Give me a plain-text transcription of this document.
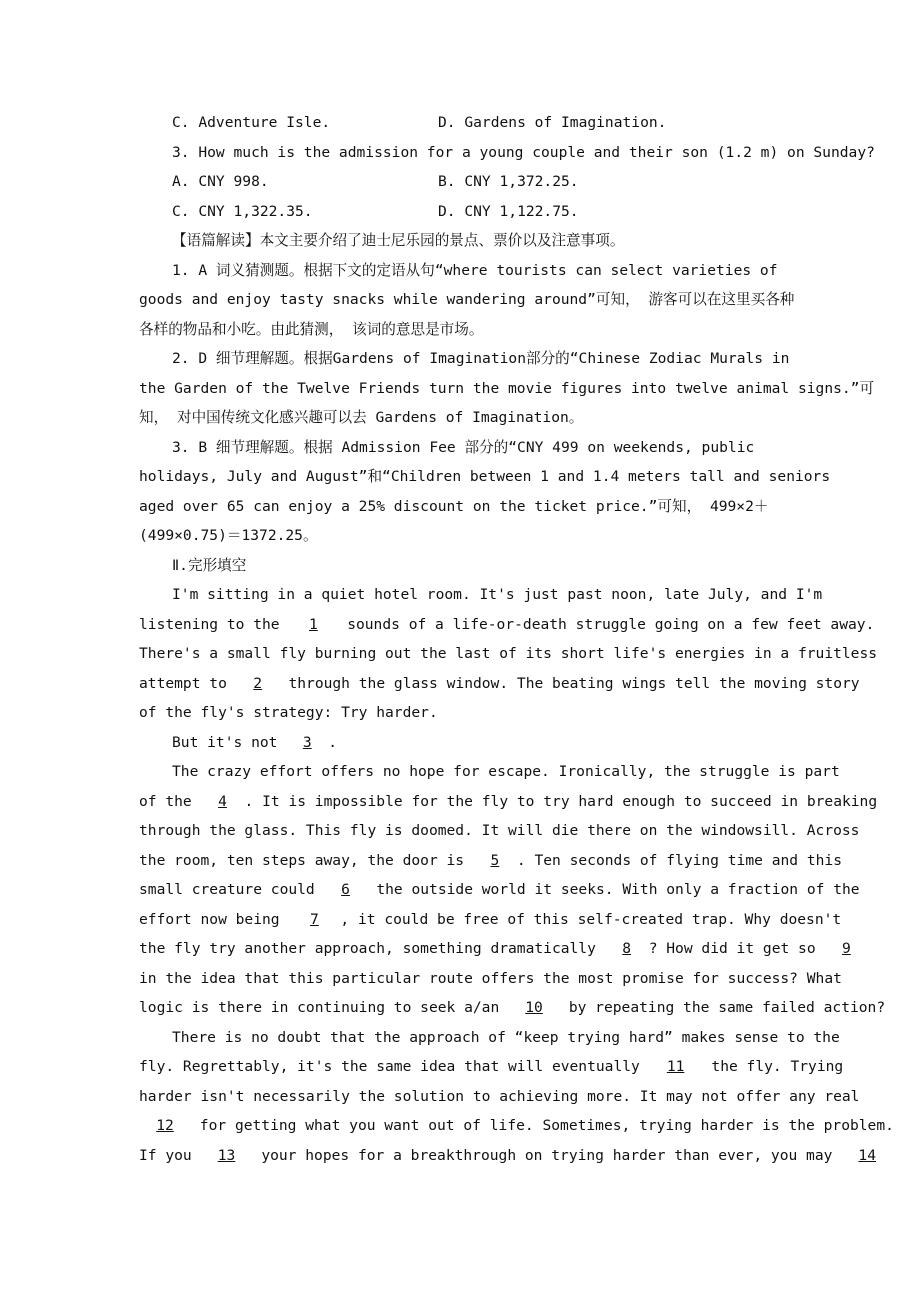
C. Adventure Isle.	D. Gardens of Imagination.
3. How much is the admission for a young couple and their son (1.2 m) on Sunday?
A. CNY 998.	B. CNY 1,372.25.
C. CNY 1,322.35.	D. CNY 1,122.75.
【语篇解读】本文主要介绍了迪士尼乐园的景点、票价以及注意事项。
1. A 词义猜测题。根据下文的定语从句“where tourists can select varieties of
goods and enjoy tasty snacks while wandering around”可知， 游客可以在这里买各种
各样的物品和小吃。由此猜测， 该词的意思是市场。
2. D 细节理解题。根据Gardens of Imagination部分的“Chinese Zodiac Murals in
the Garden of the Twelve Friends turn the movie figures into twelve animal signs.”可
知， 对中国传统文化感兴趣可以去 Gardens of Imagination。
3. B 细节理解题。根据 Admission Fee 部分的“CNY 499 on weekends, public
holidays, July and August”和“Children between 1 and 1.4 meters tall and seniors
aged over 65 can enjoy a 25% discount on the ticket price.”可知， 499×2＋
(499×0.75)＝1372.25。
Ⅱ.完形填空
I'm sitting in a quiet hotel room. It's just past noon, late July, and I'm
listening to the 1 sounds of a life-or-death struggle going on a few feet away.
There's a small fly burning out the last of its short life's energies in a fruitless
attempt to 2 through the glass window. The beating wings tell the moving story
of the fly's strategy: Try harder.
But it's not 3 .
The crazy effort offers no hope for escape. Ironically, the struggle is part
of the 4 . It is impossible for the fly to try hard enough to succeed in breaking
through the glass. This fly is doomed. It will die there on the windowsill. Across
the room, ten steps away, the door is 5 . Ten seconds of flying time and this
small creature could 6 the outside world it seeks. With only a fraction of the
effort now being 7 , it could be free of this self-created trap. Why doesn't
the fly try another approach, something dramatically 8 ? How did it get so 9
in the idea that this particular route offers the most promise for success? What
logic is there in continuing to seek a/an 10 by repeating the same failed action?
There is no doubt that the approach of “keep trying hard” makes sense to the
fly. Regrettably, it's the same idea that will eventually 11 the fly. Trying
harder isn't necessarily the solution to achieving more. It may not offer any real
12 for getting what you want out of life. Sometimes, trying harder is the problem.
If you 13 your hopes for a breakthrough on trying harder than ever, you may 14
